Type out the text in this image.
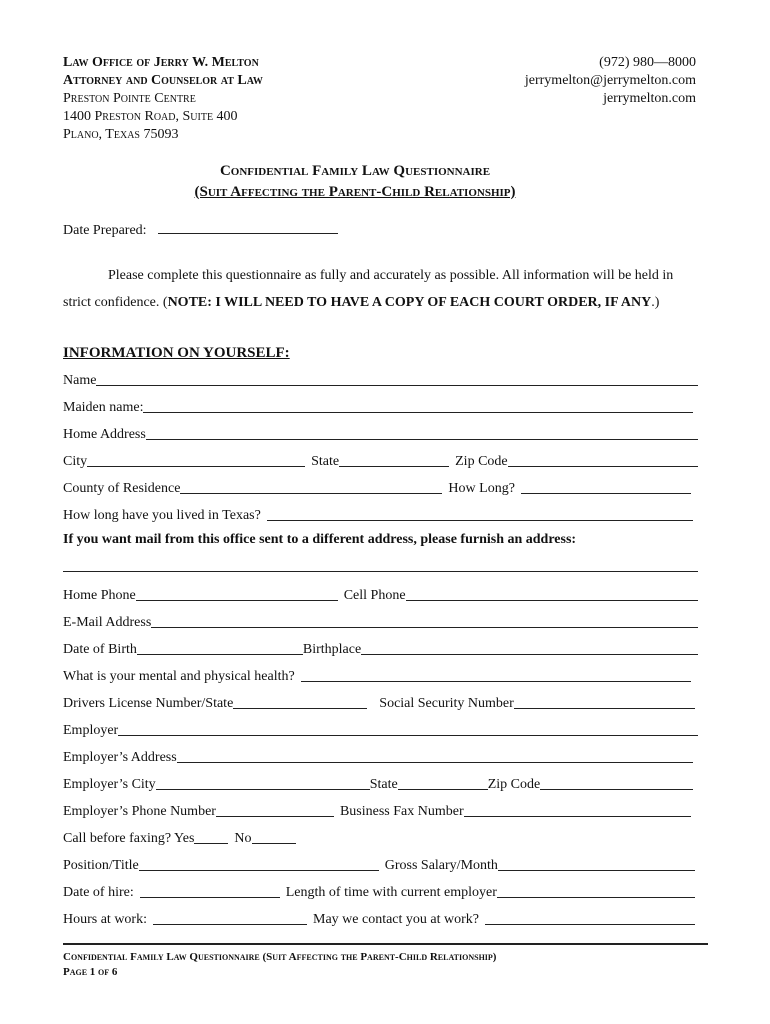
Law Office of Jerry W. Melton
Attorney and Counselor at Law
Preston Pointe Centre
1400 Preston Road, Suite 400
Plano, Texas 75093
(972) 980—8000
jerrymelton@jerrymelton.com
jerrymelton.com
Confidential Family Law Questionnaire
(Suit Affecting the Parent-Child Relationship)
Date Prepared:
Please complete this questionnaire as fully and accurately as possible. All information will be held in strict confidence. (NOTE: I WILL NEED TO HAVE A COPY OF EACH COURT ORDER, IF ANY.)
INFORMATION ON YOURSELF:
Name
Maiden name:
Home Address
City	State	Zip Code
County of Residence	How Long?
How long have you lived in Texas?
If you want mail from this office sent to a different address, please furnish an address:
Home Phone	Cell Phone
E-Mail Address
Date of Birth	Birthplace
What is your mental and physical health?
Drivers License Number/State	Social Security Number
Employer
Employer’s Address
Employer’s City	State	Zip Code
Employer’s Phone Number	Business Fax Number
Call before faxing? Yes	No
Position/Title	Gross Salary/Month
Date of hire:	Length of time with current employer
Hours at work:	May we contact you at work?
Confidential Family Law Questionnaire (Suit Affecting the Parent-Child Relationship)
Page 1 of 6
